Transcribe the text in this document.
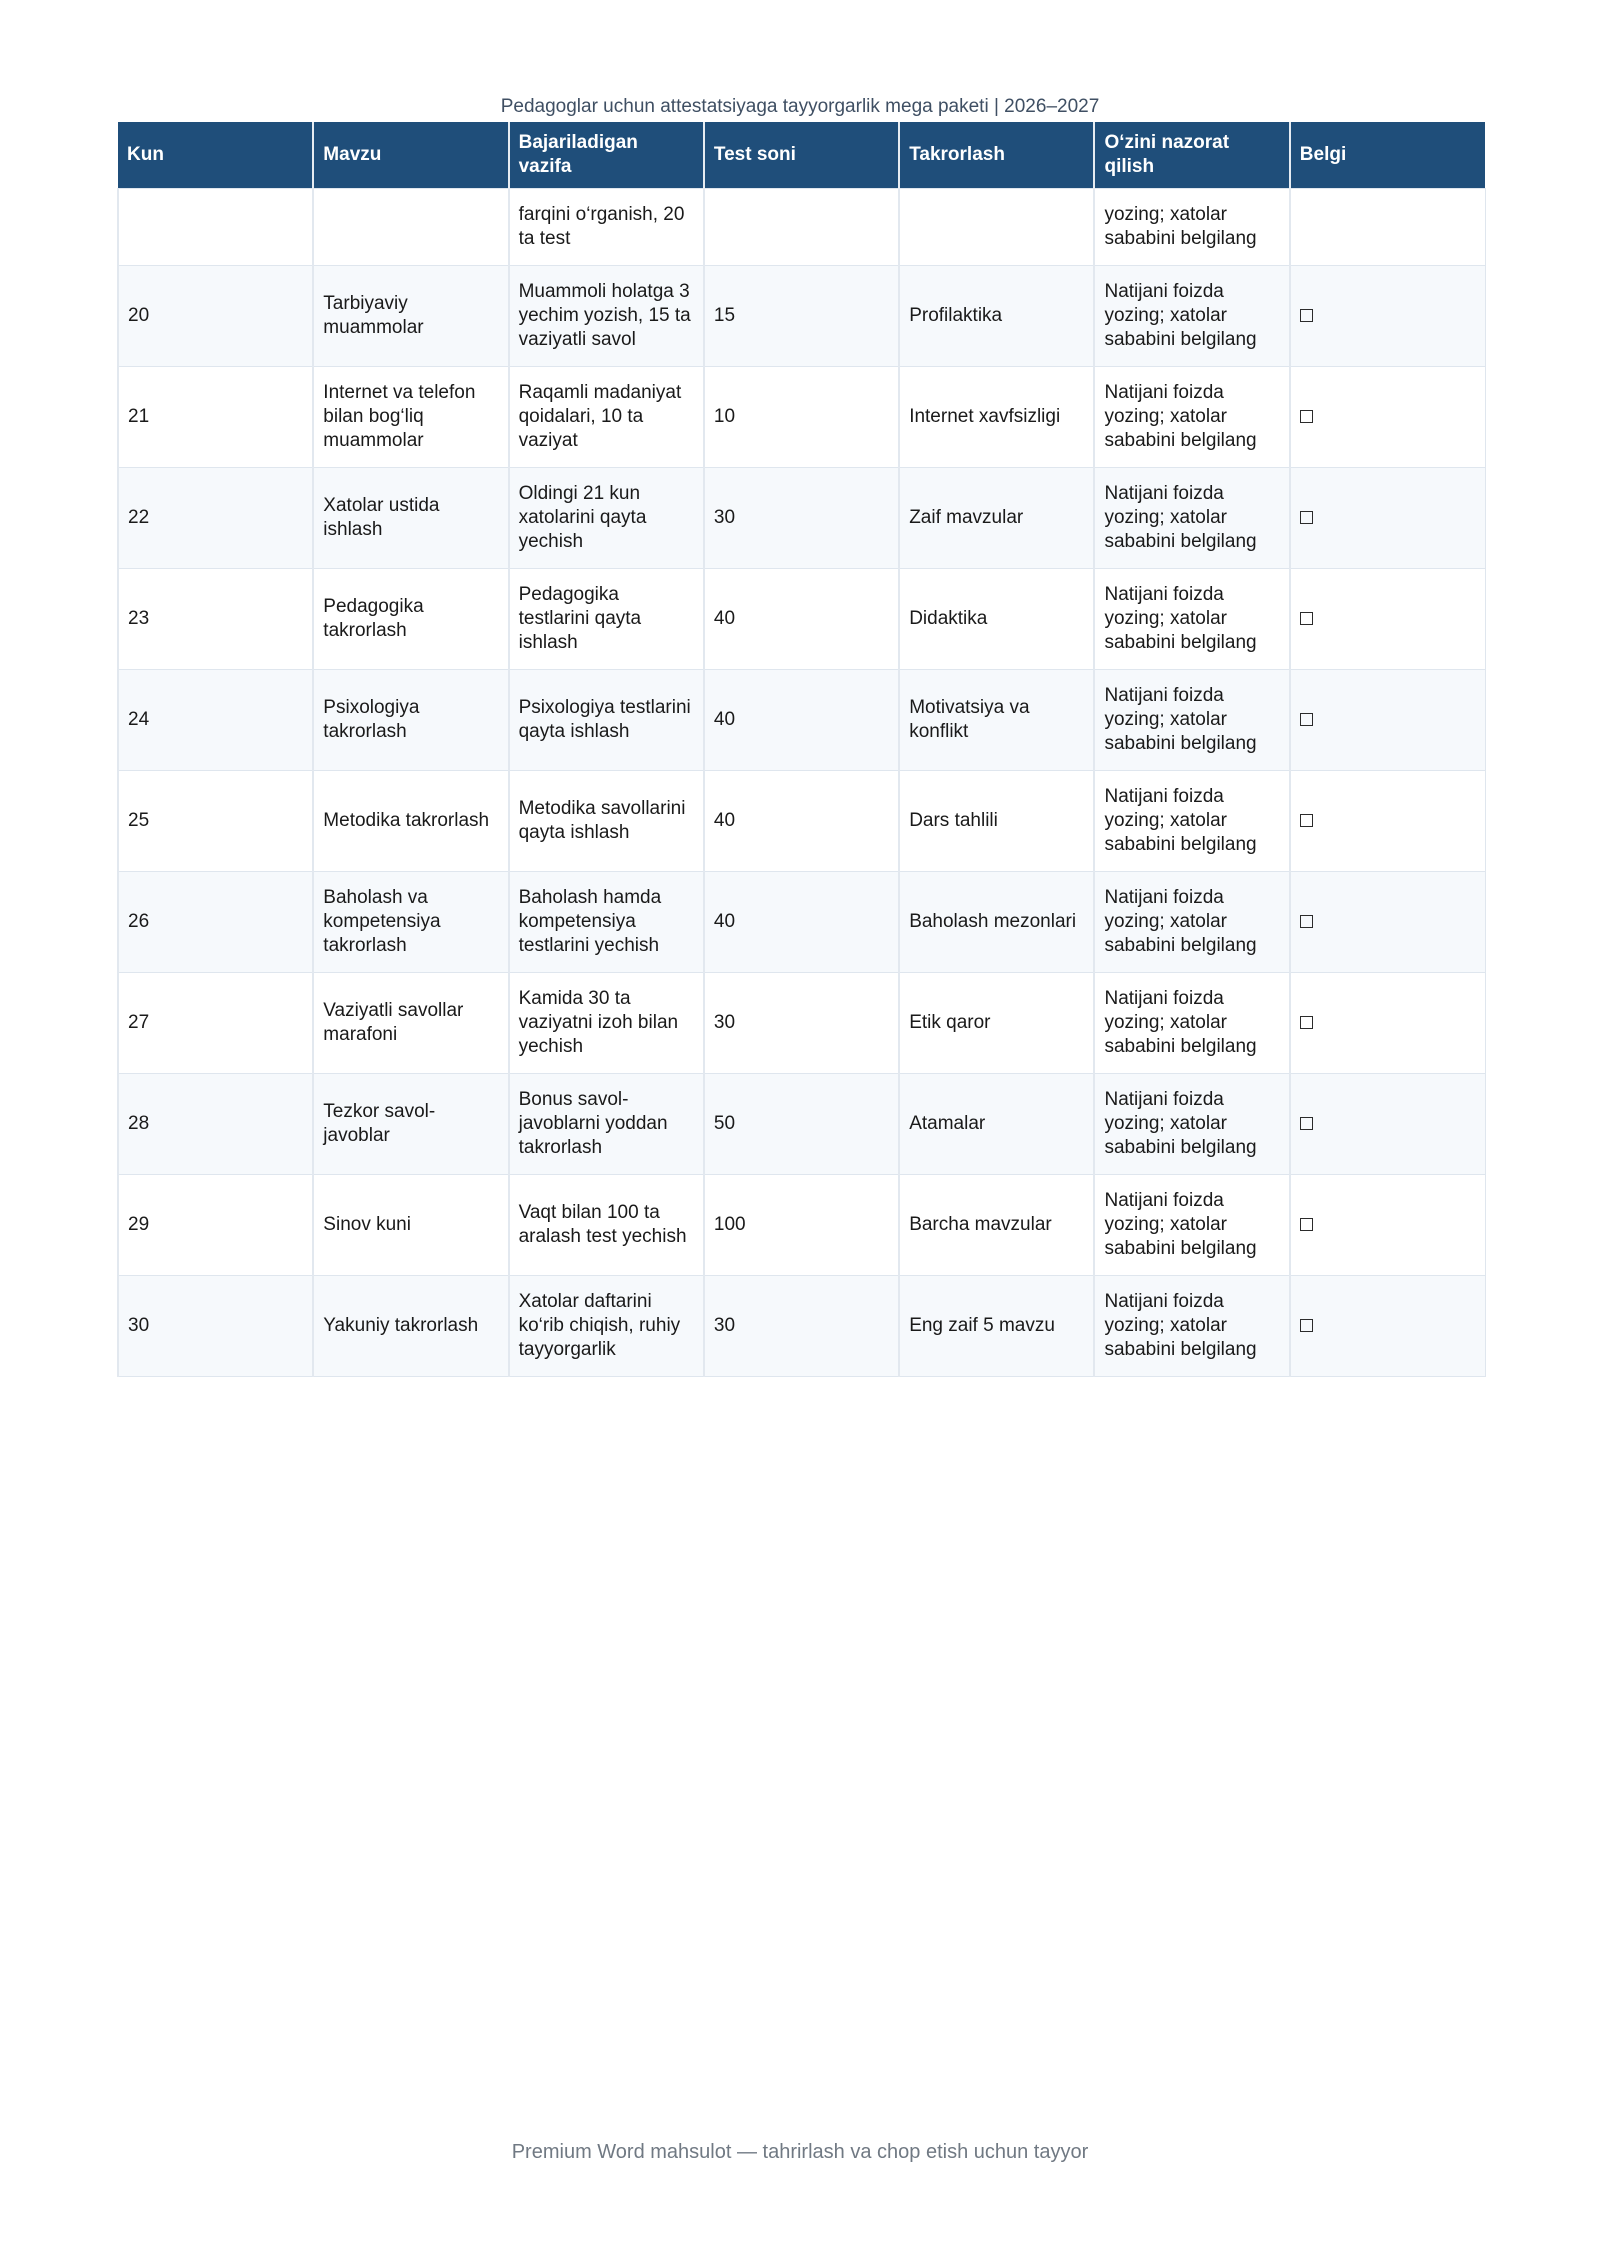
Pedagoglar uchun attestatsiyaga tayyorgarlik mega paketi | 2026–2027
Kun	Mavzu	Bajariladigan vazifa	Test soni	Takrorlash	O‘zini nazorat qilish	Belgi
		farqini o‘rganish, 20 ta test			yozing; xatolar sababini belgilang	
20	Tarbiyaviy muammolar	Muammoli holatga 3 yechim yozish, 15 ta vaziyatli savol	15	Profilaktika	Natijani foizda yozing; xatolar sababini belgilang	
21	Internet va telefon bilan bog‘liq muammolar	Raqamli madaniyat qoidalari, 10 ta vaziyat	10	Internet xavfsizligi	Natijani foizda yozing; xatolar sababini belgilang	
22	Xatolar ustida ishlash	Oldingi 21 kun xatolarini qayta yechish	30	Zaif mavzular	Natijani foizda yozing; xatolar sababini belgilang	
23	Pedagogika takrorlash	Pedagogika testlarini qayta ishlash	40	Didaktika	Natijani foizda yozing; xatolar sababini belgilang	
24	Psixologiya takrorlash	Psixologiya testlarini qayta ishlash	40	Motivatsiya va konflikt	Natijani foizda yozing; xatolar sababini belgilang	
25	Metodika takrorlash	Metodika savollarini qayta ishlash	40	Dars tahlili	Natijani foizda yozing; xatolar sababini belgilang	
26	Baholash va kompetensiya takrorlash	Baholash hamda kompetensiya testlarini yechish	40	Baholash mezonlari	Natijani foizda yozing; xatolar sababini belgilang	
27	Vaziyatli savollar marafoni	Kamida 30 ta vaziyatni izoh bilan yechish	30	Etik qaror	Natijani foizda yozing; xatolar sababini belgilang	
28	Tezkor savol-javoblar	Bonus savol-javoblarni yoddan takrorlash	50	Atamalar	Natijani foizda yozing; xatolar sababini belgilang	
29	Sinov kuni	Vaqt bilan 100 ta aralash test yechish	100	Barcha mavzular	Natijani foizda yozing; xatolar sababini belgilang	
30	Yakuniy takrorlash	Xatolar daftarini ko‘rib chiqish, ruhiy tayyorgarlik	30	Eng zaif 5 mavzu	Natijani foizda yozing; xatolar sababini belgilang	
Premium Word mahsulot — tahrirlash va chop etish uchun tayyor
